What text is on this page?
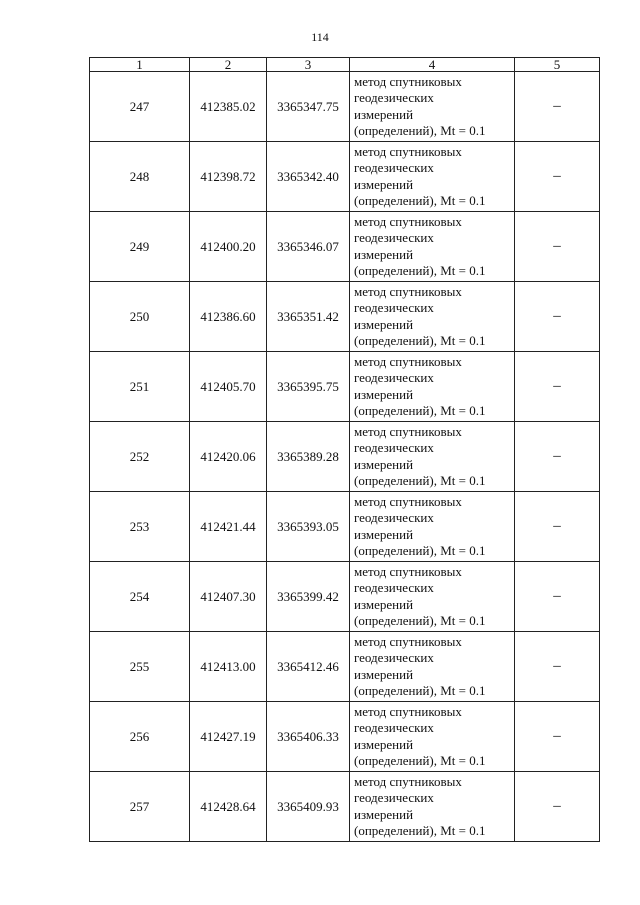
114
1	2	3	4	5
247	412385.02	3365347.75	метод спутниковых
геодезических
измерений
(определений), Mt = 0.1	–
248	412398.72	3365342.40	метод спутниковых
геодезических
измерений
(определений), Mt = 0.1	–
249	412400.20	3365346.07	метод спутниковых
геодезических
измерений
(определений), Mt = 0.1	–
250	412386.60	3365351.42	метод спутниковых
геодезических
измерений
(определений), Mt = 0.1	–
251	412405.70	3365395.75	метод спутниковых
геодезических
измерений
(определений), Mt = 0.1	–
252	412420.06	3365389.28	метод спутниковых
геодезических
измерений
(определений), Mt = 0.1	–
253	412421.44	3365393.05	метод спутниковых
геодезических
измерений
(определений), Mt = 0.1	–
254	412407.30	3365399.42	метод спутниковых
геодезических
измерений
(определений), Mt = 0.1	–
255	412413.00	3365412.46	метод спутниковых
геодезических
измерений
(определений), Mt = 0.1	–
256	412427.19	3365406.33	метод спутниковых
геодезических
измерений
(определений), Mt = 0.1	–
257	412428.64	3365409.93	метод спутниковых
геодезических
измерений
(определений), Mt = 0.1	–
